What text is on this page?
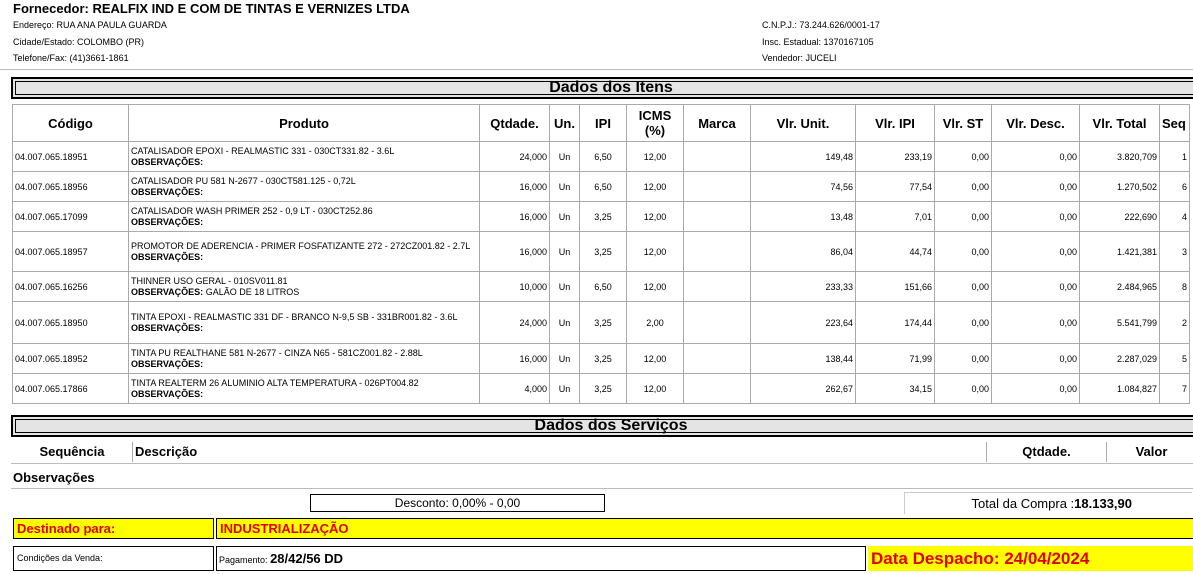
Fornecedor: REALFIX IND E COM DE TINTAS E VERNIZES LTDA
Endereço: RUA ANA PAULA GUARDA
Cidade/Estado: COLOMBO (PR)
Telefone/Fax: (41)3661-1861
C.N.P.J.: 73.244.626/0001-17
Insc. Estadual: 1370167105
Vendedor: JUCELI
Dados dos Itens
Código	Produto	Qtdade.	Un.	IPI	ICMS(%)	Marca	Vlr. Unit.	Vlr. IPI	Vlr. ST	Vlr. Desc.	Vlr. Total	Seq
04.007.065.18951	CATALISADOR EPOXI - REALMASTIC 331 - 030CT331.82 - 3.6L
OBSERVAÇÕES:	24,000	Un	6,50	12,00		149,48	233,19	0,00	0,00	3.820,709	1
04.007.065.18956	CATALISADOR PU 581 N-2677 - 030CT581.125 - 0,72L
OBSERVAÇÕES:	16,000	Un	6,50	12,00		74,56	77,54	0,00	0,00	1.270,502	6
04.007.065.17099	CATALISADOR WASH PRIMER 252 - 0,9 LT - 030CT252.86
OBSERVAÇÕES:	16,000	Un	3,25	12,00		13,48	7,01	0,00	0,00	222,690	4
04.007.065.18957	PROMOTOR DE ADERENCIA - PRIMER FOSFATIZANTE 272 - 272CZ001.82 - 2.7L
OBSERVAÇÕES:	16,000	Un	3,25	12,00		86,04	44,74	0,00	0,00	1.421,381	3
04.007.065.16256	THINNER USO GERAL - 010SV011.81
OBSERVAÇÕES: GALÃO DE 18 LITROS	10,000	Un	6,50	12,00		233,33	151,66	0,00	0,00	2.484,965	8
04.007.065.18950	TINTA EPOXI - REALMASTIC 331 DF - BRANCO N-9,5 SB - 331BR001.82 - 3.6L
OBSERVAÇÕES:	24,000	Un	3,25	2,00		223,64	174,44	0,00	0,00	5.541,799	2
04.007.065.18952	TINTA PU REALTHANE 581 N-2677 - CINZA N65 - 581CZ001.82 - 2.88L
OBSERVAÇÕES:	16,000	Un	3,25	12,00		138,44	71,99	0,00	0,00	2.287,029	5
04.007.065.17866	TINTA REALTERM 26 ALUMINIO ALTA TEMPERATURA - 026PT004.82
OBSERVAÇÕES:	4,000	Un	3,25	12,00		262,67	34,15	0,00	0,00	1.084,827	7
Dados dos Serviços
Sequência	Descrição	Qtdade.	Valor
Observações
Desconto: 0,00% - 0,00	Total da Compra :18.133,90
Destinado para:	INDUSTRIALIZAÇÃO
Condições da Venda:	Pagamento: 28/42/56 DD	Data Despacho: 24/04/2024
